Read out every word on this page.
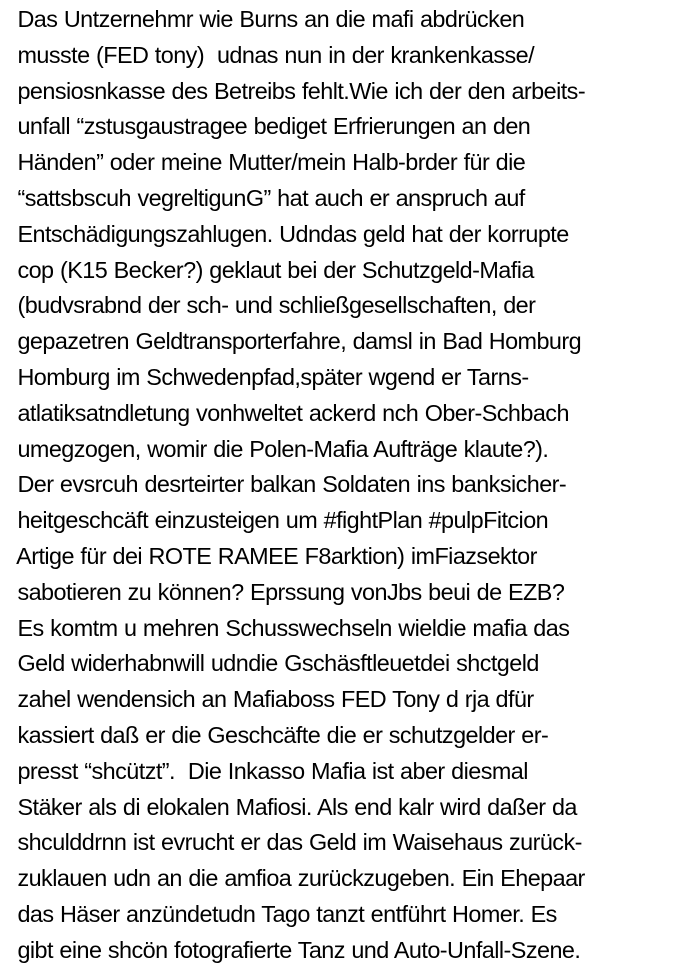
Das Untzernehmr wie Burns an die mafi abdrücken
musste (FED tony)  udnas nun in der krankenkasse/
pensiosnkasse des Betreibs fehlt.Wie ich der den arbeits-
unfall “zstusgaustragee bediget Erfrierungen an den
Händen” oder meine Mutter/mein Halb-brder für die
“sattsbscuh vegreltigunG” hat auch er anspruch auf
Entschädigungszahlugen. Udndas geld hat der korrupte
cop (K15 Becker?) geklaut bei der Schutzgeld-Mafia
(budvsrabnd der sch- und schließgesellschaften, der
gepazetren Geldtransporterfahre, damsl in Bad Homburg
Homburg im Schwedenpfad,später wgend er Tarns-
atlatiksatndletung vonhweltet ackerd nch Ober-Schbach
umegzogen, womir die Polen-Mafia Aufträge klaute?).
Der evsrcuh desrteirter balkan Soldaten ins banksicher-
heitgeschcäft einzusteigen um #fightPlan #pulpFitcion
Artige für dei ROTE RAMEE F8arktion) imFiazsektor
sabotieren zu können? Eprssung vonJbs beui de EZB?
Es komtm u mehren Schusswechseln wieldie mafia das
Geld widerhabnwill udndie Gschäsftleuetdei shctgeld
zahel wendensich an Mafiaboss FED Tony d rja dfür
kassiert daß er die Geschcäfte die er schutzgelder er-
presst “shcützt”.  Die Inkasso Mafia ist aber diesmal
Stäker als di elokalen Mafiosi. Als end kalr wird daßer da
shculddrnn ist evrucht er das Geld im Waisehaus zurück-
zuklauen udn an die amfioa zurückzugeben. Ein Ehepaar
das Häser anzündetudn Tago tanzt entführt Homer. Es
gibt eine shcön fotografierte Tanz und Auto-Unfall-Szene.
